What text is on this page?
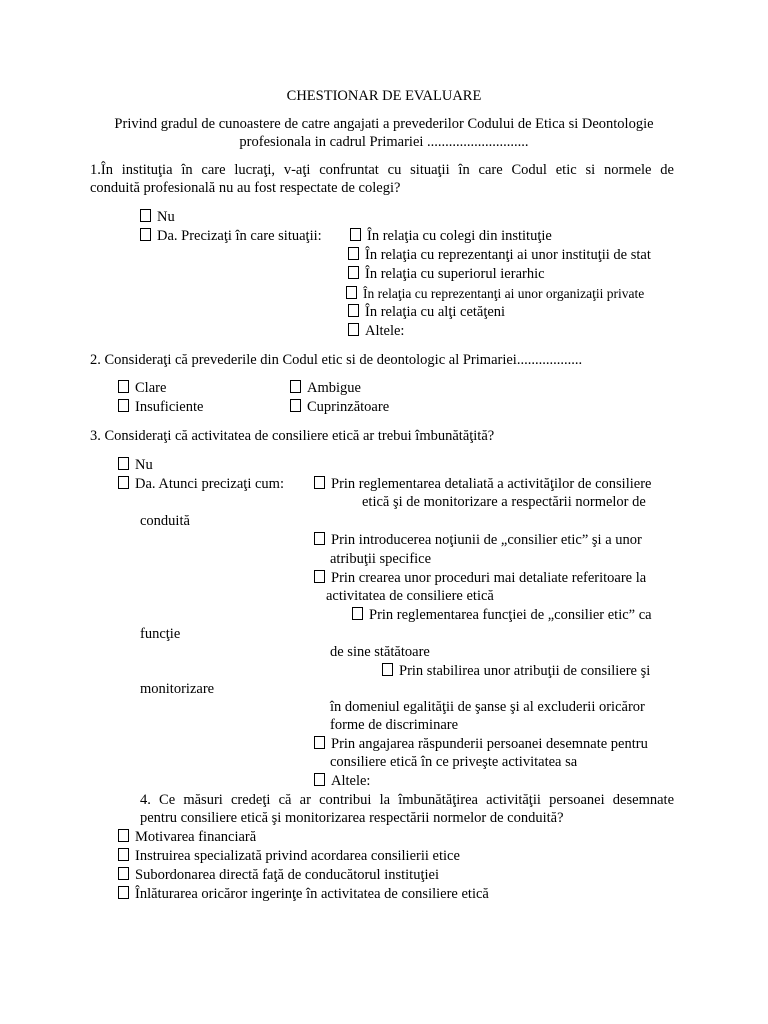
CHESTIONAR DE EVALUARE
Privind gradul de cunoastere de catre angajati a prevederilor Codului de Etica si Deontologie
profesionala in cadrul Primariei ............................
1.În instituţia în care lucraţi, v-aţi confruntat cu situaţii în care Codul etic si normele de
conduită profesională nu au fost respectate de colegi?
Nu
Da. Precizaţi în care situaţii:	În relaţia cu colegi din instituţie
În relaţia cu reprezentanţi ai unor instituţii de stat
În relaţia cu superiorul ierarhic
În relaţia cu reprezentanţi ai unor organizaţii private
În relaţia cu alţi cetăţeni
Altele:
2. Consideraţi că prevederile din Codul etic si de deontologic al Primariei..................
Clare	Ambigue
Insuficiente	Cuprinzătoare
3. Consideraţi că activitatea de consiliere etică ar trebui îmbunătăţită?
Nu
Da. Atunci precizaţi cum:	Prin reglementarea detaliată a activităţilor de consiliere
etică şi de monitorizare a respectării normelor de
conduită
Prin introducerea noţiunii de „consilier etic” şi a unor
atribuţii specifice
Prin crearea unor proceduri mai detaliate referitoare la
activitatea de consiliere etică
Prin reglementarea funcţiei de „consilier etic” ca
funcţie
de sine stătătoare
Prin stabilirea unor atribuţii de consiliere şi
monitorizare
în domeniul egalităţii de şanse şi al excluderii oricăror
forme de discriminare
Prin angajarea răspunderii persoanei desemnate pentru
consiliere etică în ce priveşte activitatea sa
Altele:
4. Ce măsuri credeţi că ar contribui la îmbunătăţirea activităţii persoanei desemnate
pentru consiliere etică şi monitorizarea respectării normelor de conduită?
Motivarea financiară
Instruirea specializată privind acordarea consilierii etice
Subordonarea directă faţă de conducătorul instituţiei
Înlăturarea oricăror ingerinţe în activitatea de consiliere etică
